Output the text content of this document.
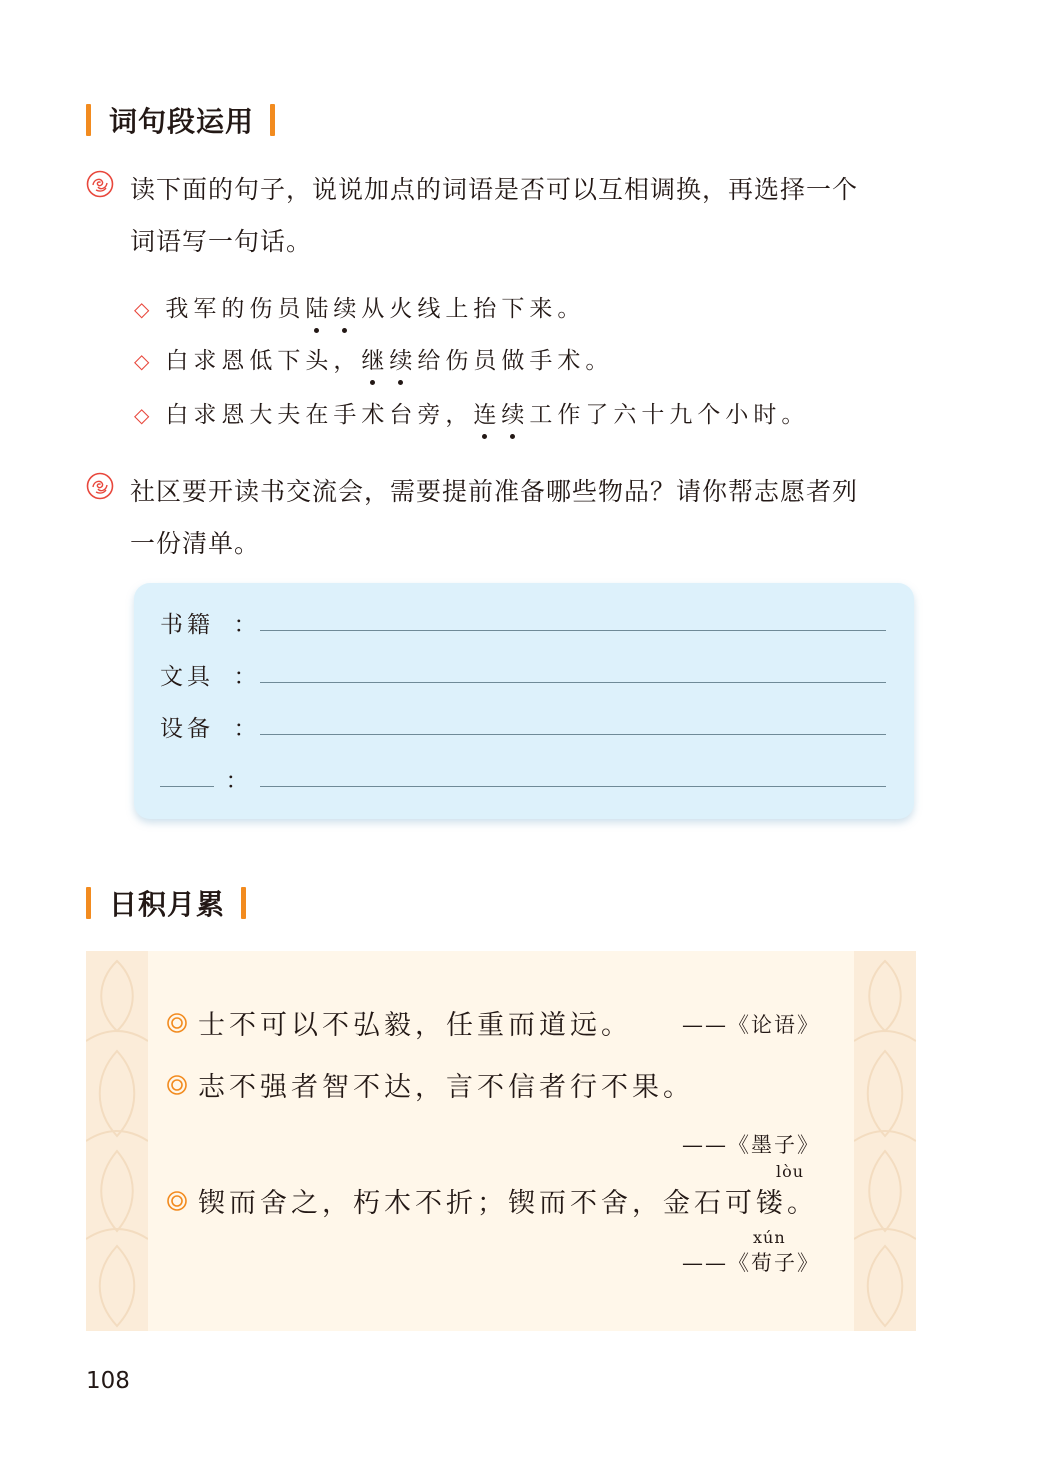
词句段运用
读下面的句子，说说加点的词语是否可以互相调换，再选择一个
词语写一句话。
◇ 我军的伤员 陆 续 从火线上抬下来。
◇ 白求恩低下头， 继 续 给伤员做手术。
◇ 白求恩大夫在手术台旁， 连 续 工作了六十九个小时。
社区要开读书交流会，需要提前准备哪些物品？请你帮志愿者列
一份清单。
书籍 ：
文具 ：
设备 ：
：
日积月累
士不可以不弘毅，任重而道远。 ——《论语》
志不强者智不达，言不信者行不果。
——《墨子》
lòu
锲而舍之，朽木不折；锲而不舍，金石可镂。
xún
——《荀子》
108
